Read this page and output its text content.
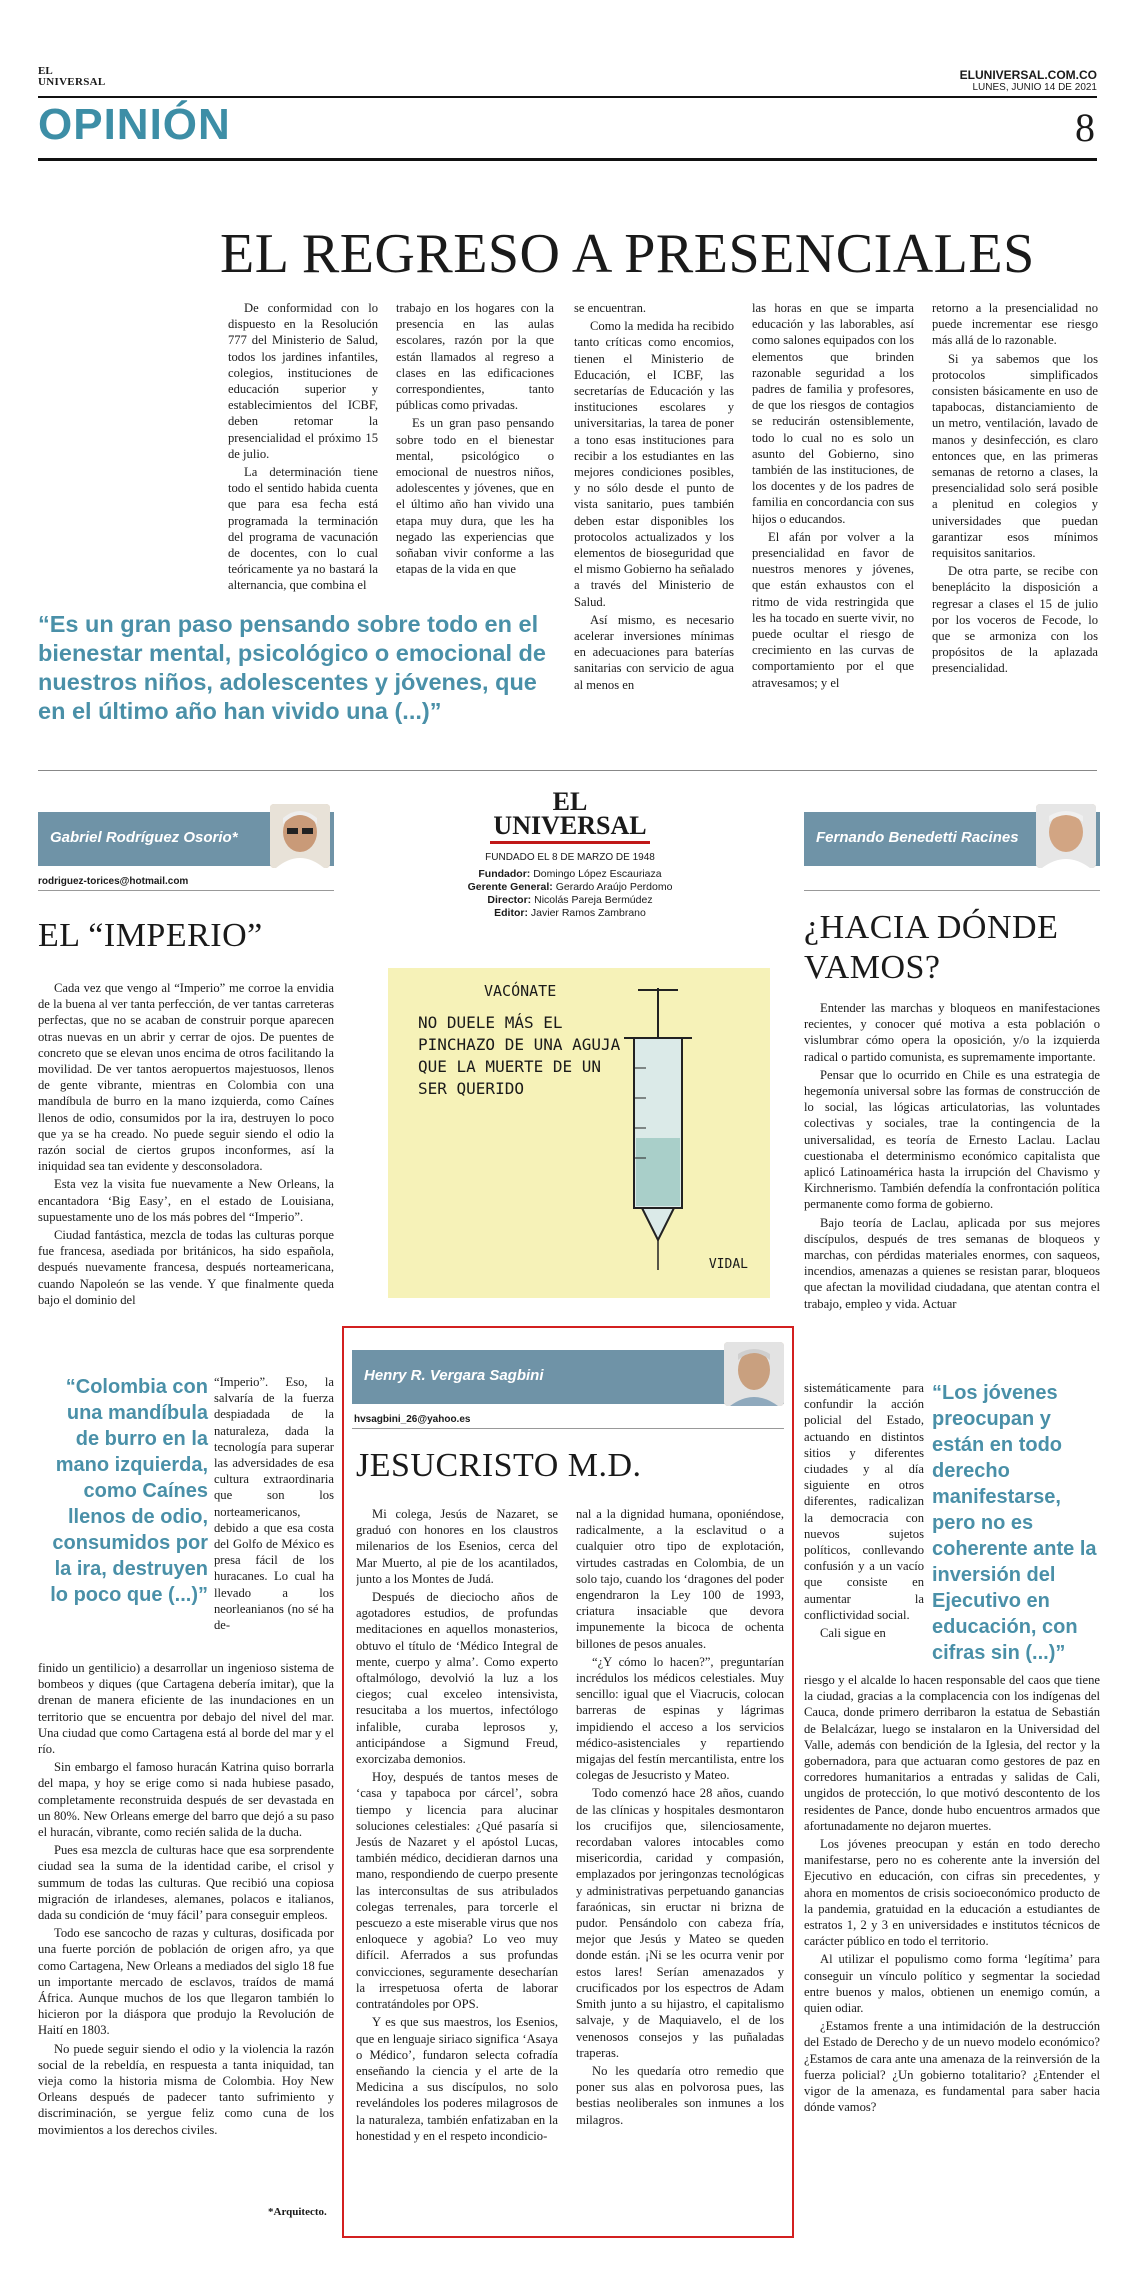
EL
UNIVERSAL	ELUNIVERSAL.COM.CO
LUNES, JUNIO 14 DE 2021
OPINIÓN	8
EL REGRESO A PRESENCIALES

De conformidad con lo dispuesto en la Resolución 777 del Ministerio de Salud, todos los jardines infantiles, colegios, instituciones de educación superior y establecimientos del ICBF, deben retomar la presencialidad el próximo 15 de julio.

La determinación tiene todo el sentido habida cuenta que para esa fecha está programada la terminación del programa de vacunación de docentes, con lo cual teóricamente ya no bastará la alternancia, que combina el

trabajo en los hogares con la presencia en las aulas escolares, razón por la que están llamados al regreso a clases en las edificaciones correspondientes, tanto públicas como privadas.

Es un gran paso pensando sobre todo en el bienestar mental, psicológico o emocional de nuestros niños, adolescentes y jóvenes, que en el último año han vivido una etapa muy dura, que les ha negado las experiencias que soñaban vivir conforme a las etapas de la vida en que

se encuentran.

Como la medida ha recibido tanto críticas como encomios, tienen el Ministerio de Educación, el ICBF, las secretarías de Educación y las instituciones escolares y universitarias, la tarea de poner a tono esas instituciones para recibir a los estudiantes en las mejores condiciones posibles, y no sólo desde el punto de vista sanitario, pues también deben estar disponibles los protocolos actualizados y los elementos de bioseguridad que el mismo Gobierno ha señalado a través del Ministerio de Salud.

Así mismo, es necesario acelerar inversiones mínimas en adecuaciones para baterías sanitarias con servicio de agua al menos en

las horas en que se imparta educación y las laborables, así como salones equipados con los elementos que brinden razonable seguridad a los padres de familia y profesores, de que los riesgos de contagios se reducirán ostensiblemente, todo lo cual no es solo un asunto del Gobierno, sino también de las instituciones, de los docentes y de los padres de familia en concordancia con sus hijos o educandos.

El afán por volver a la presencialidad en favor de nuestros menores y jóvenes, que están exhaustos con el ritmo de vida restringida que les ha tocado en suerte vivir, no puede ocultar el riesgo de crecimiento en las curvas de comportamiento por el que atravesamos; y el

retorno a la presencialidad no puede incrementar ese riesgo más allá de lo razonable.

Si ya sabemos que los protocolos simplificados consisten básicamente en uso de tapabocas, distanciamiento de un metro, ventilación, lavado de manos y desinfección, es claro entonces que, en las primeras semanas de retorno a clases, la presencialidad solo será posible a plenitud en colegios y universidades que puedan garantizar esos mínimos requisitos sanitarios.

De otra parte, se recibe con beneplácito la disposición a regresar a clases el 15 de julio por los voceros de Fecode, lo que se armoniza con los propósitos de la aplazada presencialidad.

“Es un gran paso pensando sobre todo en el bienestar mental, psicológico o emocional de nuestros niños, adolescentes y jóvenes, que en el último año han vivido una (...)”
Gabriel Rodríguez Osorio*
rodriguez-torices@hotmail.com
EL “IMPERIO”

Cada vez que vengo al “Imperio” me corroe la envidia de la buena al ver tanta perfección, de ver tantas carreteras perfectas, que no se acaban de construir porque aparecen otras nuevas en un abrir y cerrar de ojos. De puentes de concreto que se elevan unos encima de otros facilitando la movilidad. De ver tantos aeropuertos majestuosos, llenos de gente vibrante, mientras en Colombia con una mandíbula de burro en la mano izquierda, como Caínes llenos de odio, consumidos por la ira, destruyen lo poco que ya se ha creado. No puede seguir siendo el odio la razón social de ciertos grupos inconformes, así la iniquidad sea tan evidente y desconsoladora.

Esta vez la visita fue nuevamente a New Orleans, la encantadora ‘Big Easy’, en el estado de Louisiana, supuestamente uno de los más pobres del “Imperio”.

Ciudad fantástica, mezcla de todas las culturas porque fue francesa, asediada por británicos, ha sido española, después nuevamente francesa, después norteamericana, cuando Napoleón se las vende. Y que finalmente queda bajo el dominio del

“Colombia con una mandíbula de burro en la mano izquierda, como Caínes llenos de odio, consumidos por la ira, destruyen lo poco que (...)”

“Imperio”. Eso, la salvaría de la fuerza despiadada de la naturaleza, dada la tecnología para superar las adversidades de esa cultura extraordinaria que son los norteamericanos, debido a que esa costa del Golfo de México es presa fácil de los huracanes. Lo cual ha llevado a los neorleanianos (no sé ha de-

finido un gentilicio) a desarrollar un ingenioso sistema de bombeos y diques (que Cartagena debería imitar), que la drenan de manera eficiente de las inundaciones en un territorio que se encuentra por debajo del nivel del mar. Una ciudad que como Cartagena está al borde del mar y el río.

Sin embargo el famoso huracán Katrina quiso borrarla del mapa, y hoy se erige como si nada hubiese pasado, completamente reconstruida después de ser devastada en un 80%. New Orleans emerge del barro que dejó a su paso el huracán, vibrante, como recién salida de la ducha.

Pues esa mezcla de culturas hace que esa sorprendente ciudad sea la suma de la identidad caribe, el crisol y summum de todas las culturas. Que recibió una copiosa migración de irlandeses, alemanes, polacos e italianos, dada su condición de ‘muy fácil’ para conseguir empleos.

Todo ese sancocho de razas y culturas, dosificada por una fuerte porción de población de origen afro, ya que como Cartagena, New Orleans a mediados del siglo 18 fue un importante mercado de esclavos, traídos de mamá África. Aunque muchos de los que llegaron también lo hicieron por la diáspora que produjo la Revolución de Haití en 1803.

No puede seguir siendo el odio y la violencia la razón social de la rebeldía, en respuesta a tanta iniquidad, tan vieja como la historia misma de Colombia. Hoy New Orleans después de padecer tanto sufrimiento y discriminación, se yergue feliz como cuna de los movimientos a los derechos civiles.

*Arquitecto.
EL
UNIVERSAL
FUNDADO EL 8 DE MARZO DE 1948
Fundador: Domingo López Escauriaza
Gerente General: Gerardo Araújo Perdomo
Director: Nicolás Pareja Bermúdez
Editor: Javier Ramos Zambrano
VACÓNATE
NO DUELE MÁS EL PINCHAZO DE UNA AGUJA QUE LA MUERTE DE UN SER QUERIDO
VIDAL
Henry R. Vergara Sagbini
hvsagbini_26@yahoo.es
JESUCRISTO M.D.

Mi colega, Jesús de Nazaret, se graduó con honores en los claustros milenarios de los Esenios, cerca del Mar Muerto, al pie de los acantilados, junto a los Montes de Judá.

Después de dieciocho años de agotadores estudios, de profundas meditaciones en aquellos monasterios, obtuvo el título de ‘Médico Integral de mente, cuerpo y alma’. Como experto oftalmólogo, devolvió la luz a los ciegos; cual exceleo intensivista, resucitaba a los muertos, infectólogo infalible, curaba leprosos y, anticipándose a Sigmund Freud, exorcizaba demonios.

Hoy, después de tantos meses de ‘casa y tapaboca por cárcel’, sobra tiempo y licencia para alucinar soluciones celestiales: ¿Qué pasaría si Jesús de Nazaret y el apóstol Lucas, también médico, decidieran darnos una mano, respondiendo de cuerpo presente las interconsultas de sus atribulados colegas terrenales, para torcerle el pescuezo a este miserable virus que nos enloquece y agobia? Lo veo muy difícil. Aferrados a sus profundas convicciones, seguramente desecharían la irrespetuosa oferta de laborar contratándoles por OPS.

Y es que sus maestros, los Esenios, que en lenguaje siriaco significa ‘Asaya o Médico’, fundaron selecta cofradía enseñando la ciencia y el arte de la Medicina a sus discípulos, no solo revelándoles los poderes milagrosos de la naturaleza, también enfatizaban en la honestidad y en el respeto incondicio-

nal a la dignidad humana, oponiéndose, radicalmente, a la esclavitud o a cualquier otro tipo de explotación, virtudes castradas en Colombia, de un solo tajo, cuando los ‘dragones del poder engendraron la Ley 100 de 1993, criatura insaciable que devora impunemente la bicoca de ochenta billones de pesos anuales.

“¿Y cómo lo hacen?”, preguntarían incrédulos los médicos celestiales. Muy sencillo: igual que el Viacrucis, colocan barreras de espinas y lágrimas impidiendo el acceso a los servicios médico-asistenciales y repartiendo migajas del festín mercantilista, entre los colegas de Jesucristo y Mateo.

Todo comenzó hace 28 años, cuando de las clínicas y hospitales desmontaron los crucifijos que, silenciosamente, recordaban valores intocables como misericordia, caridad y compasión, emplazados por jeringonzas tecnológicas y administrativas perpetuando ganancias faraónicas, sin eructar ni brizna de pudor. Pensándolo con cabeza fría, mejor que Jesús y Mateo se queden donde están. ¡Ni se les ocurra venir por estos lares! Serían amenazados y crucificados por los espectros de Adam Smith junto a su hijastro, el capitalismo salvaje, y de Maquiavelo, el de los venenosos consejos y las puñaladas traperas.

No les quedaría otro remedio que poner sus alas en polvorosa pues, las bestias neoliberales son inmunes a los milagros.

Fernando Benedetti Racines
¿HACIA DÓNDE VAMOS?

Entender las marchas y bloqueos en manifestaciones recientes, y conocer qué motiva a esta población o vislumbrar cómo opera la oposición, y/o la izquierda radical o partido comunista, es supremamente importante.

Pensar que lo ocurrido en Chile es una estrategia de hegemonía universal sobre las formas de construcción de lo social, las lógicas articulatorias, las voluntades colectivas y sociales, trae la contingencia de la universalidad, es teoría de Ernesto Laclau. Laclau cuestionaba el determinismo económico capitalista que aplicó Latinoamérica hasta la irrupción del Chavismo y Kirchnerismo. También defendía la confrontación política permanente como forma de gobierno.

Bajo teoría de Laclau, aplicada por sus mejores discípulos, después de tres semanas de bloqueos y marchas, con pérdidas materiales enormes, con saqueos, incendios, amenazas a quienes se resistan parar, bloqueos que afectan la movilidad ciudadana, que atentan contra el trabajo, empleo y vida. Actuar

sistemáticamente para confundir la acción policial del Estado, actuando en distintos sitios y diferentes ciudades y al día siguiente en otros diferentes, radicalizan la democracia con nuevos sujetos políticos, conllevando confusión y a un vacío que consiste en aumentar la conflictividad social.

Cali sigue en

“Los jóvenes preocupan y están en todo derecho manifestarse, pero no es coherente ante la inversión del Ejecutivo en educación, con cifras sin (...)”

riesgo y el alcalde lo hacen responsable del caos que tiene la ciudad, gracias a la complacencia con los indígenas del Cauca, donde primero derribaron la estatua de Sebastián de Belalcázar, luego se instalaron en la Universidad del Valle, además con bendición de la Iglesia, del rector y la gobernadora, para que actuaran como gestores de paz en corredores humanitarios a entradas y salidas de Cali, ungidos de protección, lo que motivó descontento de los residentes de Pance, donde hubo encuentros armados que afortunadamente no dejaron muertes.

Los jóvenes preocupan y están en todo derecho manifestarse, pero no es coherente ante la inversión del Ejecutivo en educación, con cifras sin precedentes, y ahora en momentos de crisis socioeconómico producto de la pandemia, gratuidad en la educación a estudiantes de estratos 1, 2 y 3 en universidades e institutos técnicos de carácter público en todo el territorio.

Al utilizar el populismo como forma ‘legítima’ para conseguir un vínculo político y segmentar la sociedad entre buenos y malos, obtienen un enemigo común, a quien odiar.

¿Estamos frente a una intimidación de la destrucción del Estado de Derecho y de un nuevo modelo económico? ¿Estamos de cara ante una amenaza de la reinversión de la fuerza policial? ¿Un gobierno totalitario? ¿Entender el vigor de la amenaza, es fundamental para saber hacia dónde vamos?
